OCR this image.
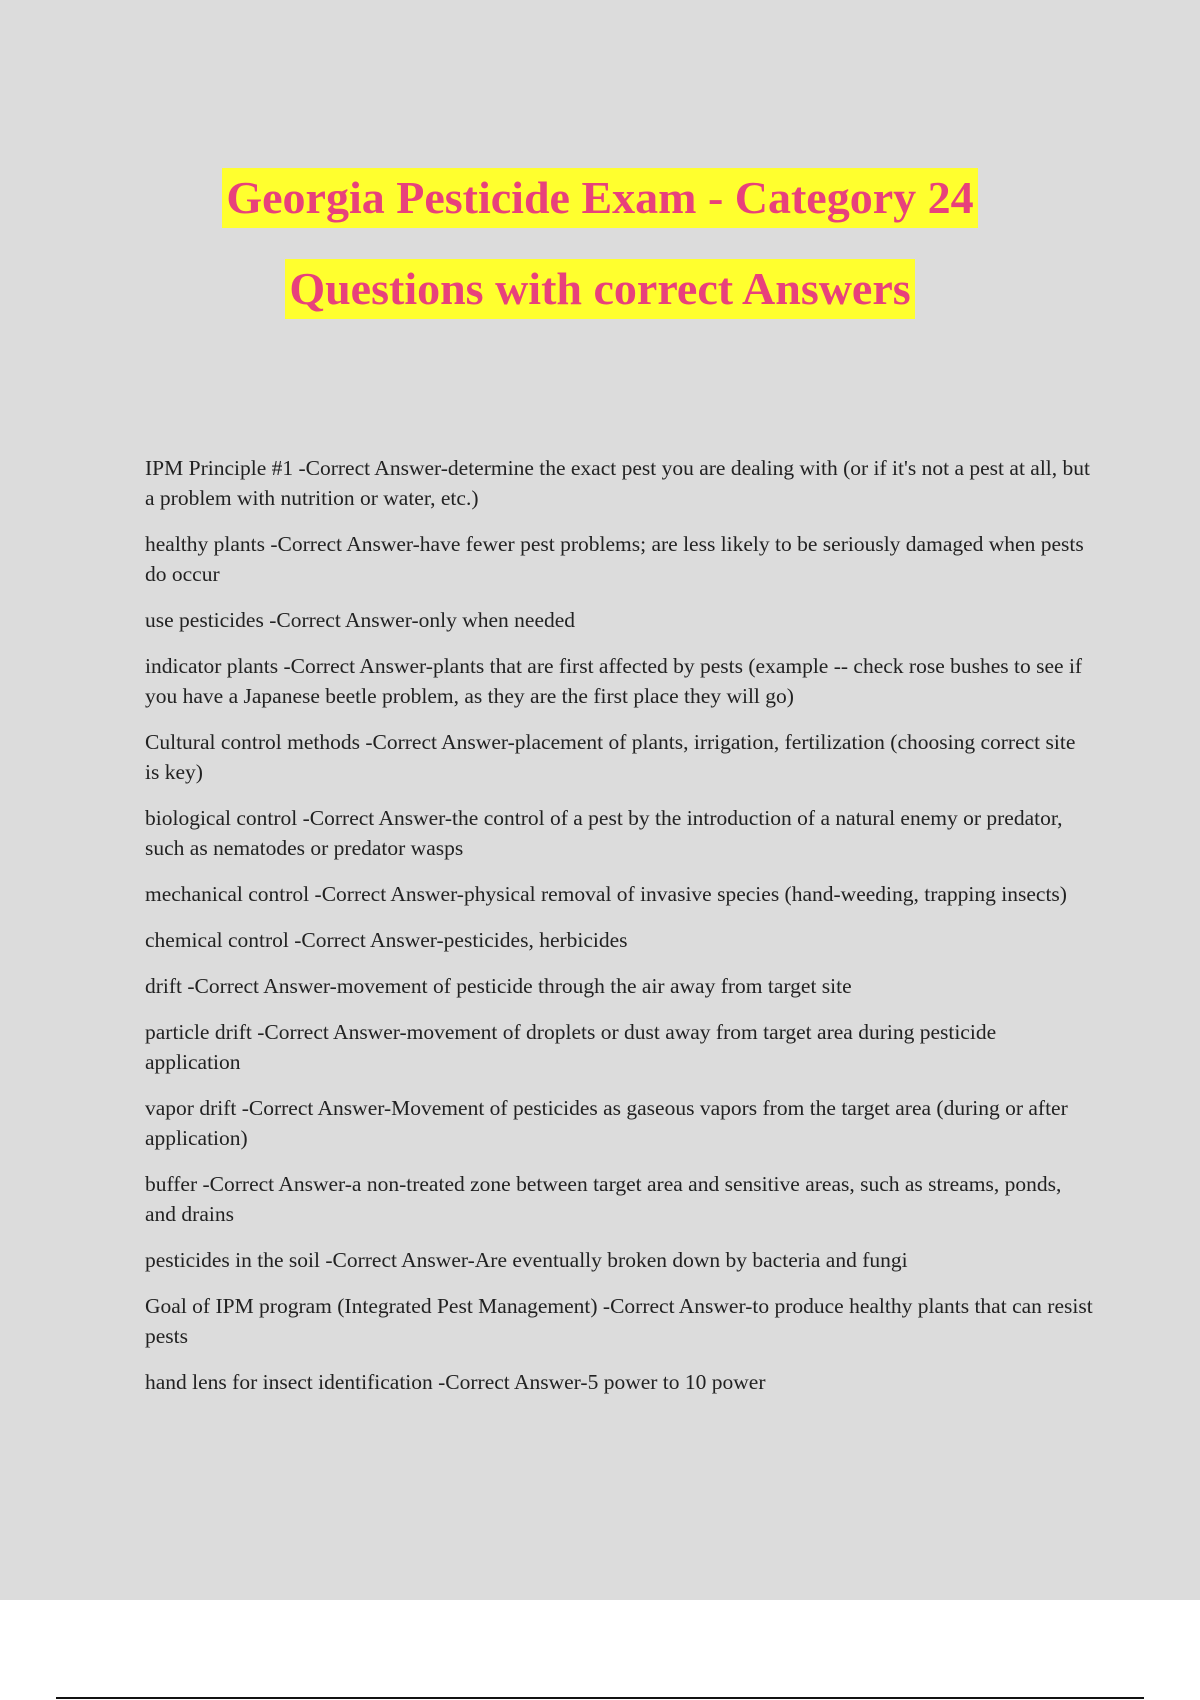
Georgia Pesticide Exam - Category 24
Questions with correct Answers

IPM Principle #1 -Correct Answer-determine the exact pest you are dealing with (or if it's not a pest at all, but a problem with nutrition or water, etc.)

healthy plants -Correct Answer-have fewer pest problems; are less likely to be seriously damaged when pests do occur

use pesticides -Correct Answer-only when needed

indicator plants -Correct Answer-plants that are first affected by pests (example -- check rose bushes to see if you have a Japanese beetle problem, as they are the first place they will go)

Cultural control methods -Correct Answer-placement of plants, irrigation, fertilization (choosing correct site is key)

biological control -Correct Answer-the control of a pest by the introduction of a natural enemy or predator, such as nematodes or predator wasps

mechanical control -Correct Answer-physical removal of invasive species (hand-weeding, trapping insects)

chemical control -Correct Answer-pesticides, herbicides

drift -Correct Answer-movement of pesticide through the air away from target site

particle drift -Correct Answer-movement of droplets or dust away from target area during pesticide application

vapor drift -Correct Answer-Movement of pesticides as gaseous vapors from the target area (during or after application)

buffer -Correct Answer-a non-treated zone between target area and sensitive areas, such as streams, ponds, and drains

pesticides in the soil -Correct Answer-Are eventually broken down by bacteria and fungi

Goal of IPM program (Integrated Pest Management) -Correct Answer-to produce healthy plants that can resist pests

hand lens for insect identification -Correct Answer-5 power to 10 power
